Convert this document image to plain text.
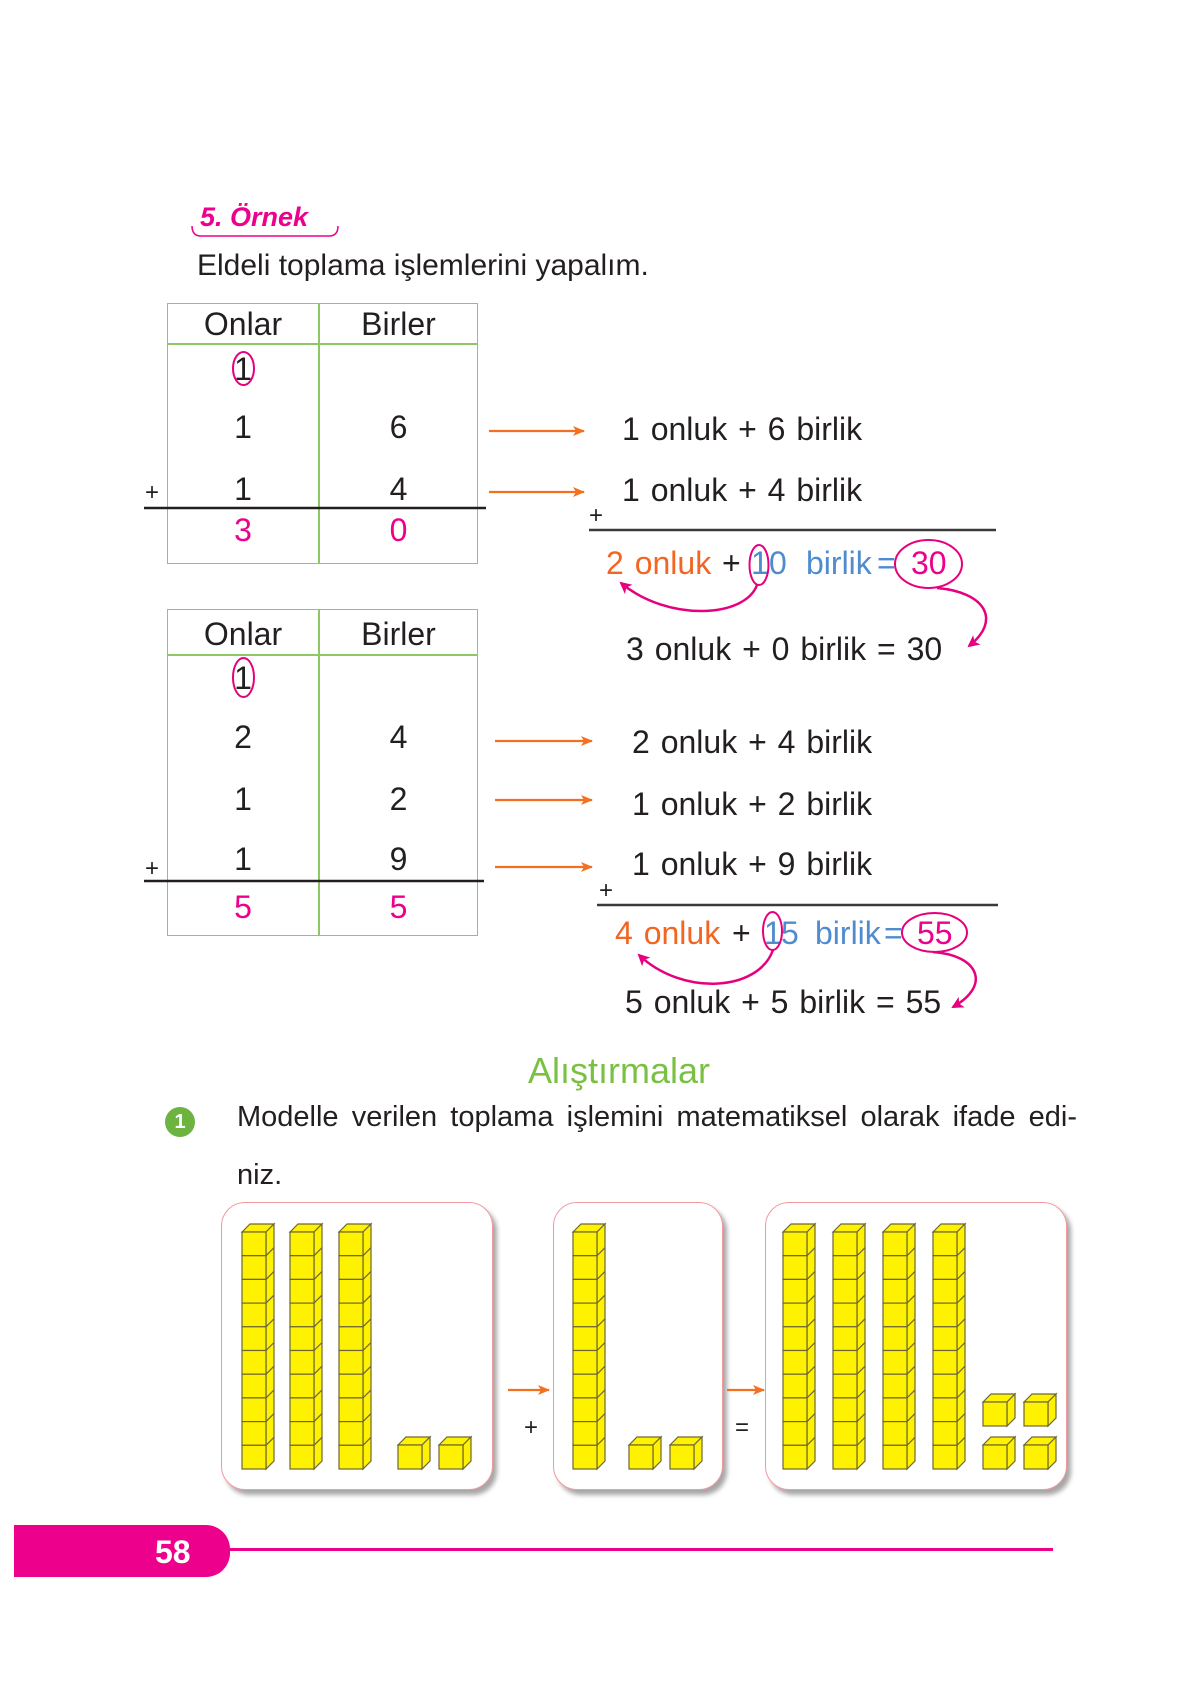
5. Örnek
Eldeli toplama işlemlerini yapalım.
Onlar	Birler
1
1	6
1	4
+
3	0
1 onluk + 6 birlik
1 onluk + 4 birlik
+
2 onluk + 1 0 birlik = 30
3 onluk + 0 birlik = 30
Onlar	Birler
1
2	4
1	2
1	9
+
5	5
2 onluk + 4 birlik
1 onluk + 2 birlik
1 onluk + 9 birlik
+
4 onluk + 1 5 birlik = 55
5 onluk + 5 birlik = 55
Alıştırmalar
1	Modelle verilen toplama işlemini matematiksel olarak ifade edi-
niz.
+	=
58
